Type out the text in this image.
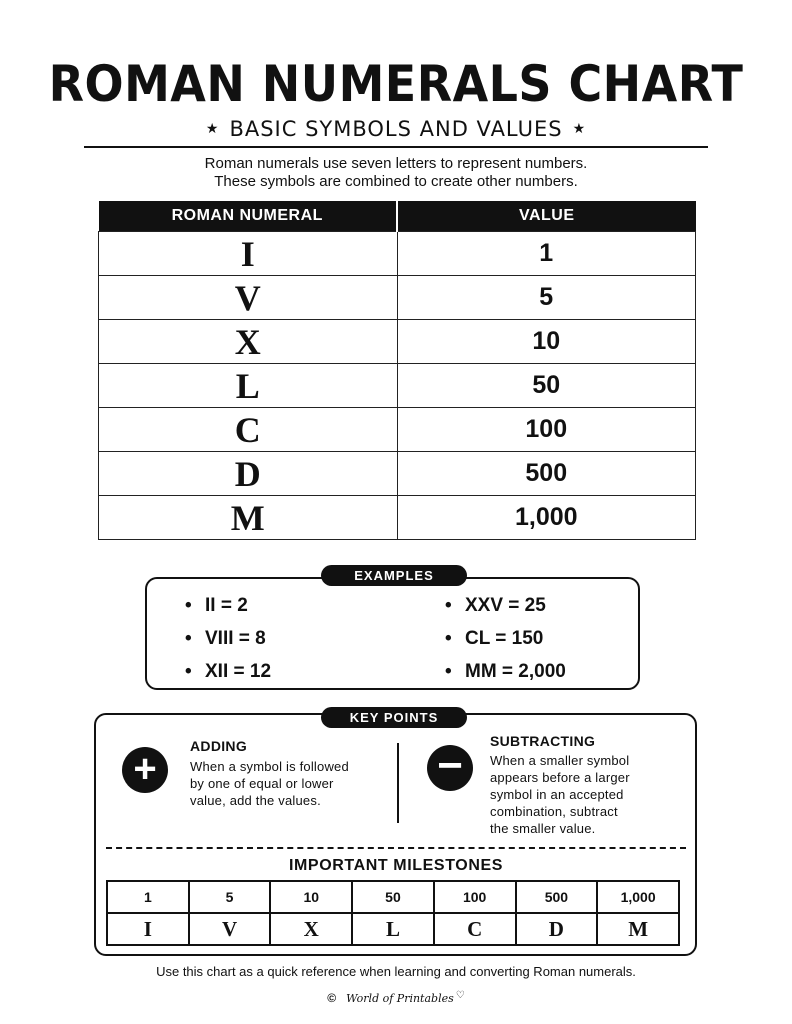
ROMAN NUMERALS CHART
★ BASIC SYMBOLS AND VALUES ★
Roman numerals use seven letters to represent numbers.
These symbols are combined to create other numbers.
ROMAN NUMERAL	VALUE
I	1
V	5
X	10
L	50
C	100
D	500
M	1,000
EXAMPLES
• II = 2
• VIII = 8
• XII = 12
• XXV = 25
• CL = 150
• MM = 2,000
KEY POINTS
+
ADDING
When a symbol is followed
by one of equal or lower
value, add the values.
−	SUBTRACTING
When a smaller symbol
appears before a larger
symbol in an accepted
combination, subtract
the smaller value.
IMPORTANT MILESTONES
1	5	10	50	100	500	1,000
I	V	X	L	C	D	M
Use this chart as a quick reference when learning and converting Roman numerals.
© World of Printables ♡
